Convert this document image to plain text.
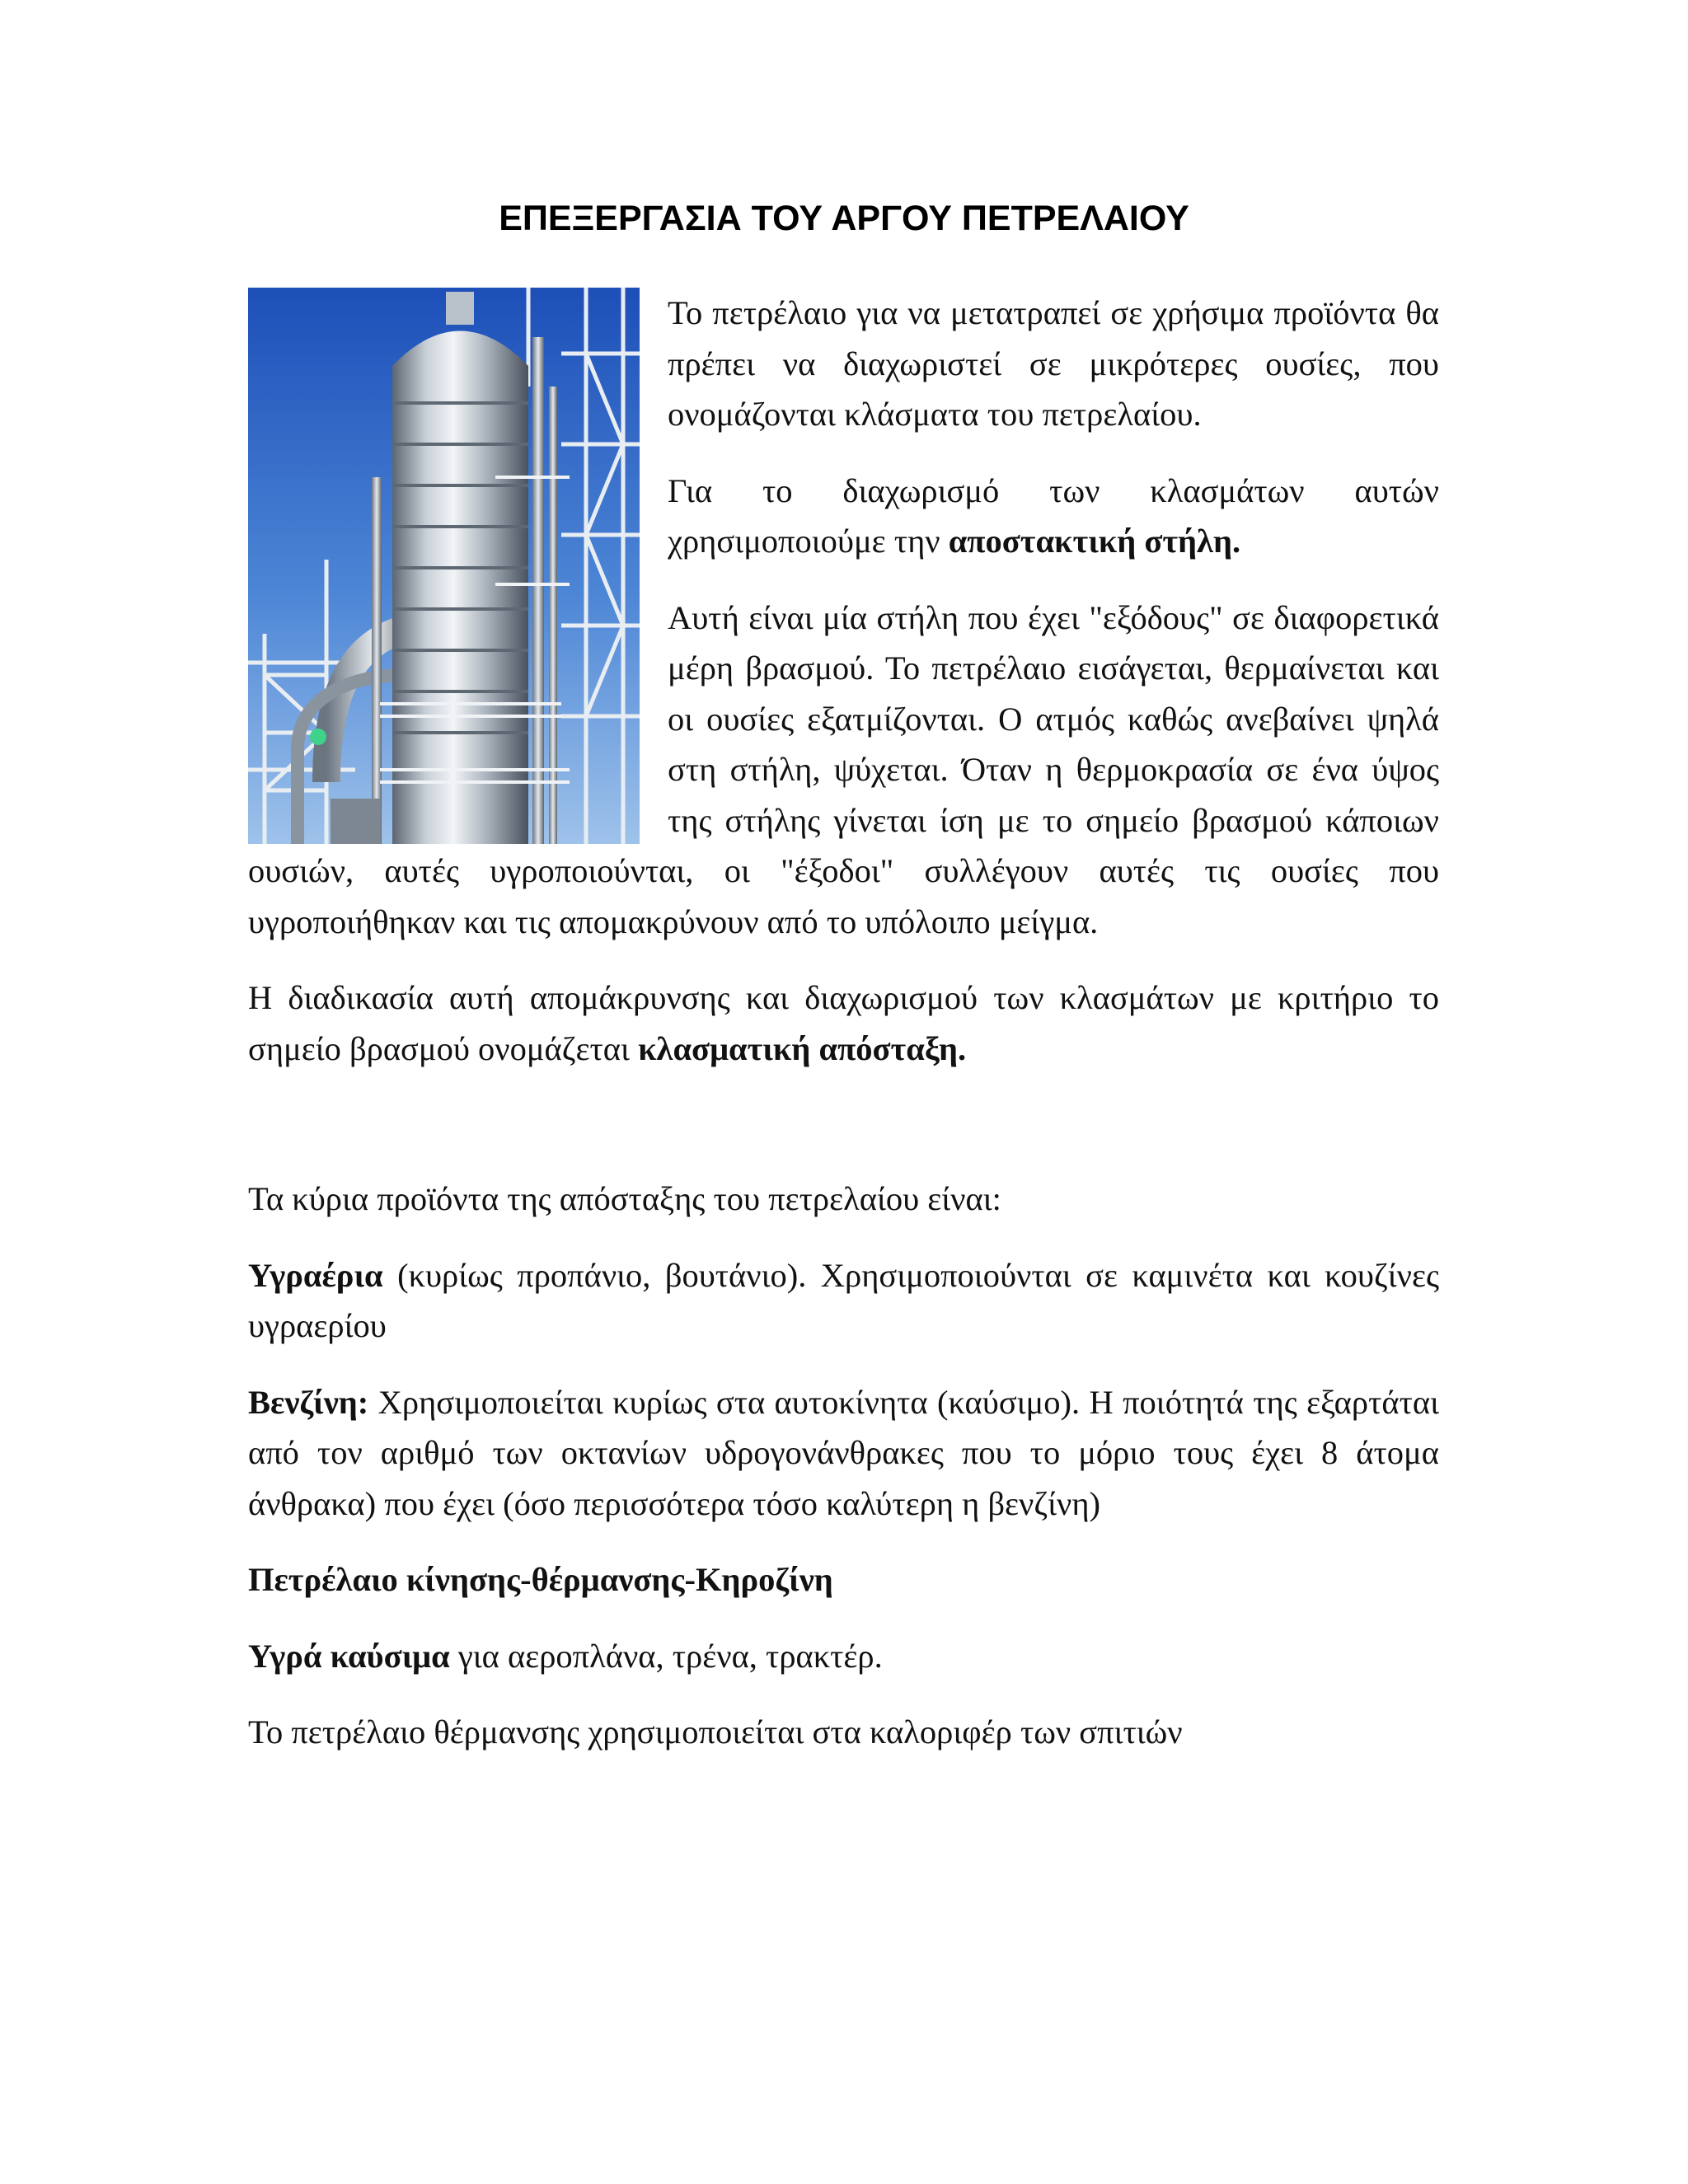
ΕΠΕΞΕΡΓΑΣΙΑ ΤΟΥ ΑΡΓΟΥ ΠΕΤΡΕΛΑΙΟΥ

Το πετρέλαιο για να μετατραπεί σε χρήσιμα προϊόντα θα πρέπει να διαχωριστεί σε μικρότερες ουσίες, που ονομάζονται κλάσματα του πετρελαίου.

Για το διαχωρισμό των κλασμάτων αυτών χρησιμοποιούμε την αποστακτική στήλη.

Αυτή είναι μία στήλη που έχει "εξόδους" σε διαφορετικά μέρη βρασμού. Το πετρέλαιο εισάγεται, θερμαίνεται και οι ουσίες εξατμίζονται. Ο ατμός καθώς ανεβαίνει ψηλά στη στήλη, ψύχεται. Όταν η θερμοκρασία σε ένα ύψος της στήλης γίνεται ίση με το σημείο βρασμού κάποιων ουσιών, αυτές υγροποιούνται, οι "έξοδοι" συλλέγουν αυτές τις ουσίες που υγροποιήθηκαν και τις απομακρύνουν από το υπόλοιπο μείγμα.

Η διαδικασία αυτή απομάκρυνσης και διαχωρισμού των κλασμάτων με κριτήριο το σημείο βρασμού ονομάζεται κλασματική απόσταξη.

Τα κύρια προϊόντα της απόσταξης του πετρελαίου είναι:

Υγραέρια (κυρίως προπάνιο, βουτάνιο). Χρησιμοποιούνται σε καμινέτα και κουζίνες υγραερίου

Βενζίνη: Χρησιμοποιείται κυρίως στα αυτοκίνητα (καύσιμο). Η ποιότητά της εξαρτάται από τον αριθμό των οκτανίων υδρογονάνθρακες που το μόριο τους έχει 8 άτομα άνθρακα) που έχει (όσο περισσότερα τόσο καλύτερη η βενζίνη)

Πετρέλαιο κίνησης-θέρμανσης-Κηροζίνη

Υγρά καύσιμα για αεροπλάνα, τρένα, τρακτέρ.

Το πετρέλαιο θέρμανσης χρησιμοποιείται στα καλοριφέρ των σπιτιών
